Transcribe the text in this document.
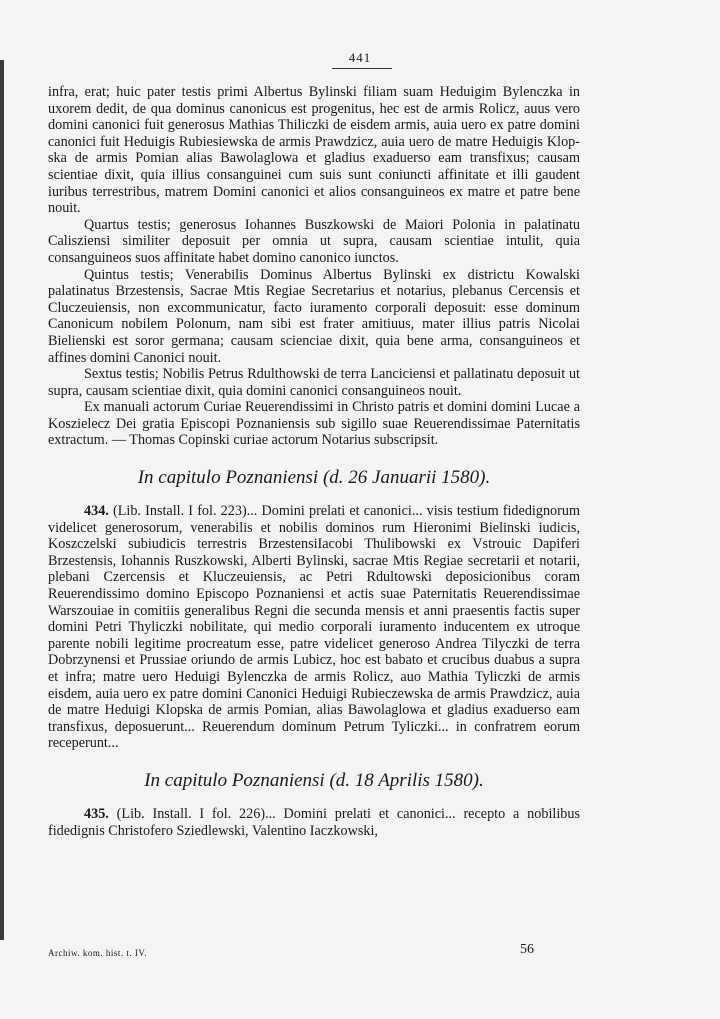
441

infra, erat; huic pater testis primi Albertus Bylinski filiam suam Heduigim Bylenczka in uxorem dedit, de qua dominus canonicus est progenitus, hec est de armis Rolicz, auus vero domini canonici fuit generosus Mathias Thiliczki de eisdem armis, auia uero ex patre domini canonici fuit Heduigis Rubiesiewska de armis Prawdzicz, auia uero de matre Heduigis Klopska de armis Pomian alias Bawolaglowa et gladius exaduerso eam transfixus; causam scientiae dixit, quia illius consanguinei cum suis sunt coniuncti affinitate et illi gaudent iuribus terrestribus, matrem Domini canonici et alios consanguineos ex matre et patre bene nouit.

Quartus testis; generosus Iohannes Buszkowski de Maiori Polonia in palatinatu Calisziensi similiter deposuit per omnia ut supra, causam scientiae intulit, quia consanguineos suos affinitate habet domino canonico iunctos.

Quintus testis; Venerabilis Dominus Albertus Bylinski ex districtu Kowalski palatinatus Brzestensis, Sacrae Mtis Regiae Secretarius et notarius, plebanus Cercensis et Cluczeuiensis, non excommunicatur, facto iuramento corporali deposuit: esse dominum Canonicum nobilem Polonum, nam sibi est frater amitiuus, mater illius patris Nicolai Bielienski est soror germana; causam scienciae dixit, quia bene arma, consanguineos et affines domini Canonici nouit.

Sextus testis; Nobilis Petrus Rdulthowski de terra Lanciciensi et pallatinatu deposuit ut supra, causam scientiae dixit, quia domini canonici consanguineos nouit.

Ex manuali actorum Curiae Reuerendissimi in Christo patris et domini domini Lucae a Koszielecz Dei gratia Episcopi Poznaniensis sub sigillo suae Reuerendissimae Paternitatis extractum. — Thomas Copinski curiae actorum Notarius subscripsit.

In capitulo Poznaniensi (d. 26 Januarii 1580).

434. (Lib. Install. I fol. 223)... Domini prelati et canonici... visis testium fidedignorum videlicet generosorum, venerabilis et nobilis dominos rum Hieronimi Bielinski iudicis, Koszczelski subiudicis terrestris BrzestensiIacobi Thulibowski ex Vstrouic Dapiferi Brzestensis, Iohannis Ruszkowski, Alberti Bylinski, sacrae Mtis Regiae secretarii et notarii, plebani Czercensis et Kluczeuiensis, ac Petri Rdultowski deposicionibus coram Reuerendissimo domino Episcopo Poznaniensi et actis suae Paternitatis Reuerendissimae Warszouiae in comitiis generalibus Regni die secunda mensis et anni praesentis factis super domini Petri Thyliczki nobilitate, qui medio corporali iuramento inducentem ex utroque parente nobili legitime procreatum esse, patre videlicet generoso Andrea Tilyczki de terra Dobrzynensi et Prussiae oriundo de armis Lubicz, hoc est babato et crucibus duabus a supra et infra; matre uero Heduigi Bylenczka de armis Rolicz, auo Mathia Tyliczki de armis eisdem, auia uero ex patre domini Canonici Heduigi Rubieczewska de armis Prawdzicz, auia de matre Heduigi Klopska de armis Pomian, alias Bawolaglowa et gladius exaduerso eam transfixus, deposuerunt... Reuerendum dominum Petrum Tyliczki... in confratrem eorum receperunt...

In capitulo Poznaniensi (d. 18 Aprilis 1580).

435. (Lib. Install. I fol. 226)... Domini prelati et canonici... recepto a nobilibus fidedignis Christofero Sziedlewski, Valentino Iaczkowski,

Archiw. kom. hist. t. IV.	56
